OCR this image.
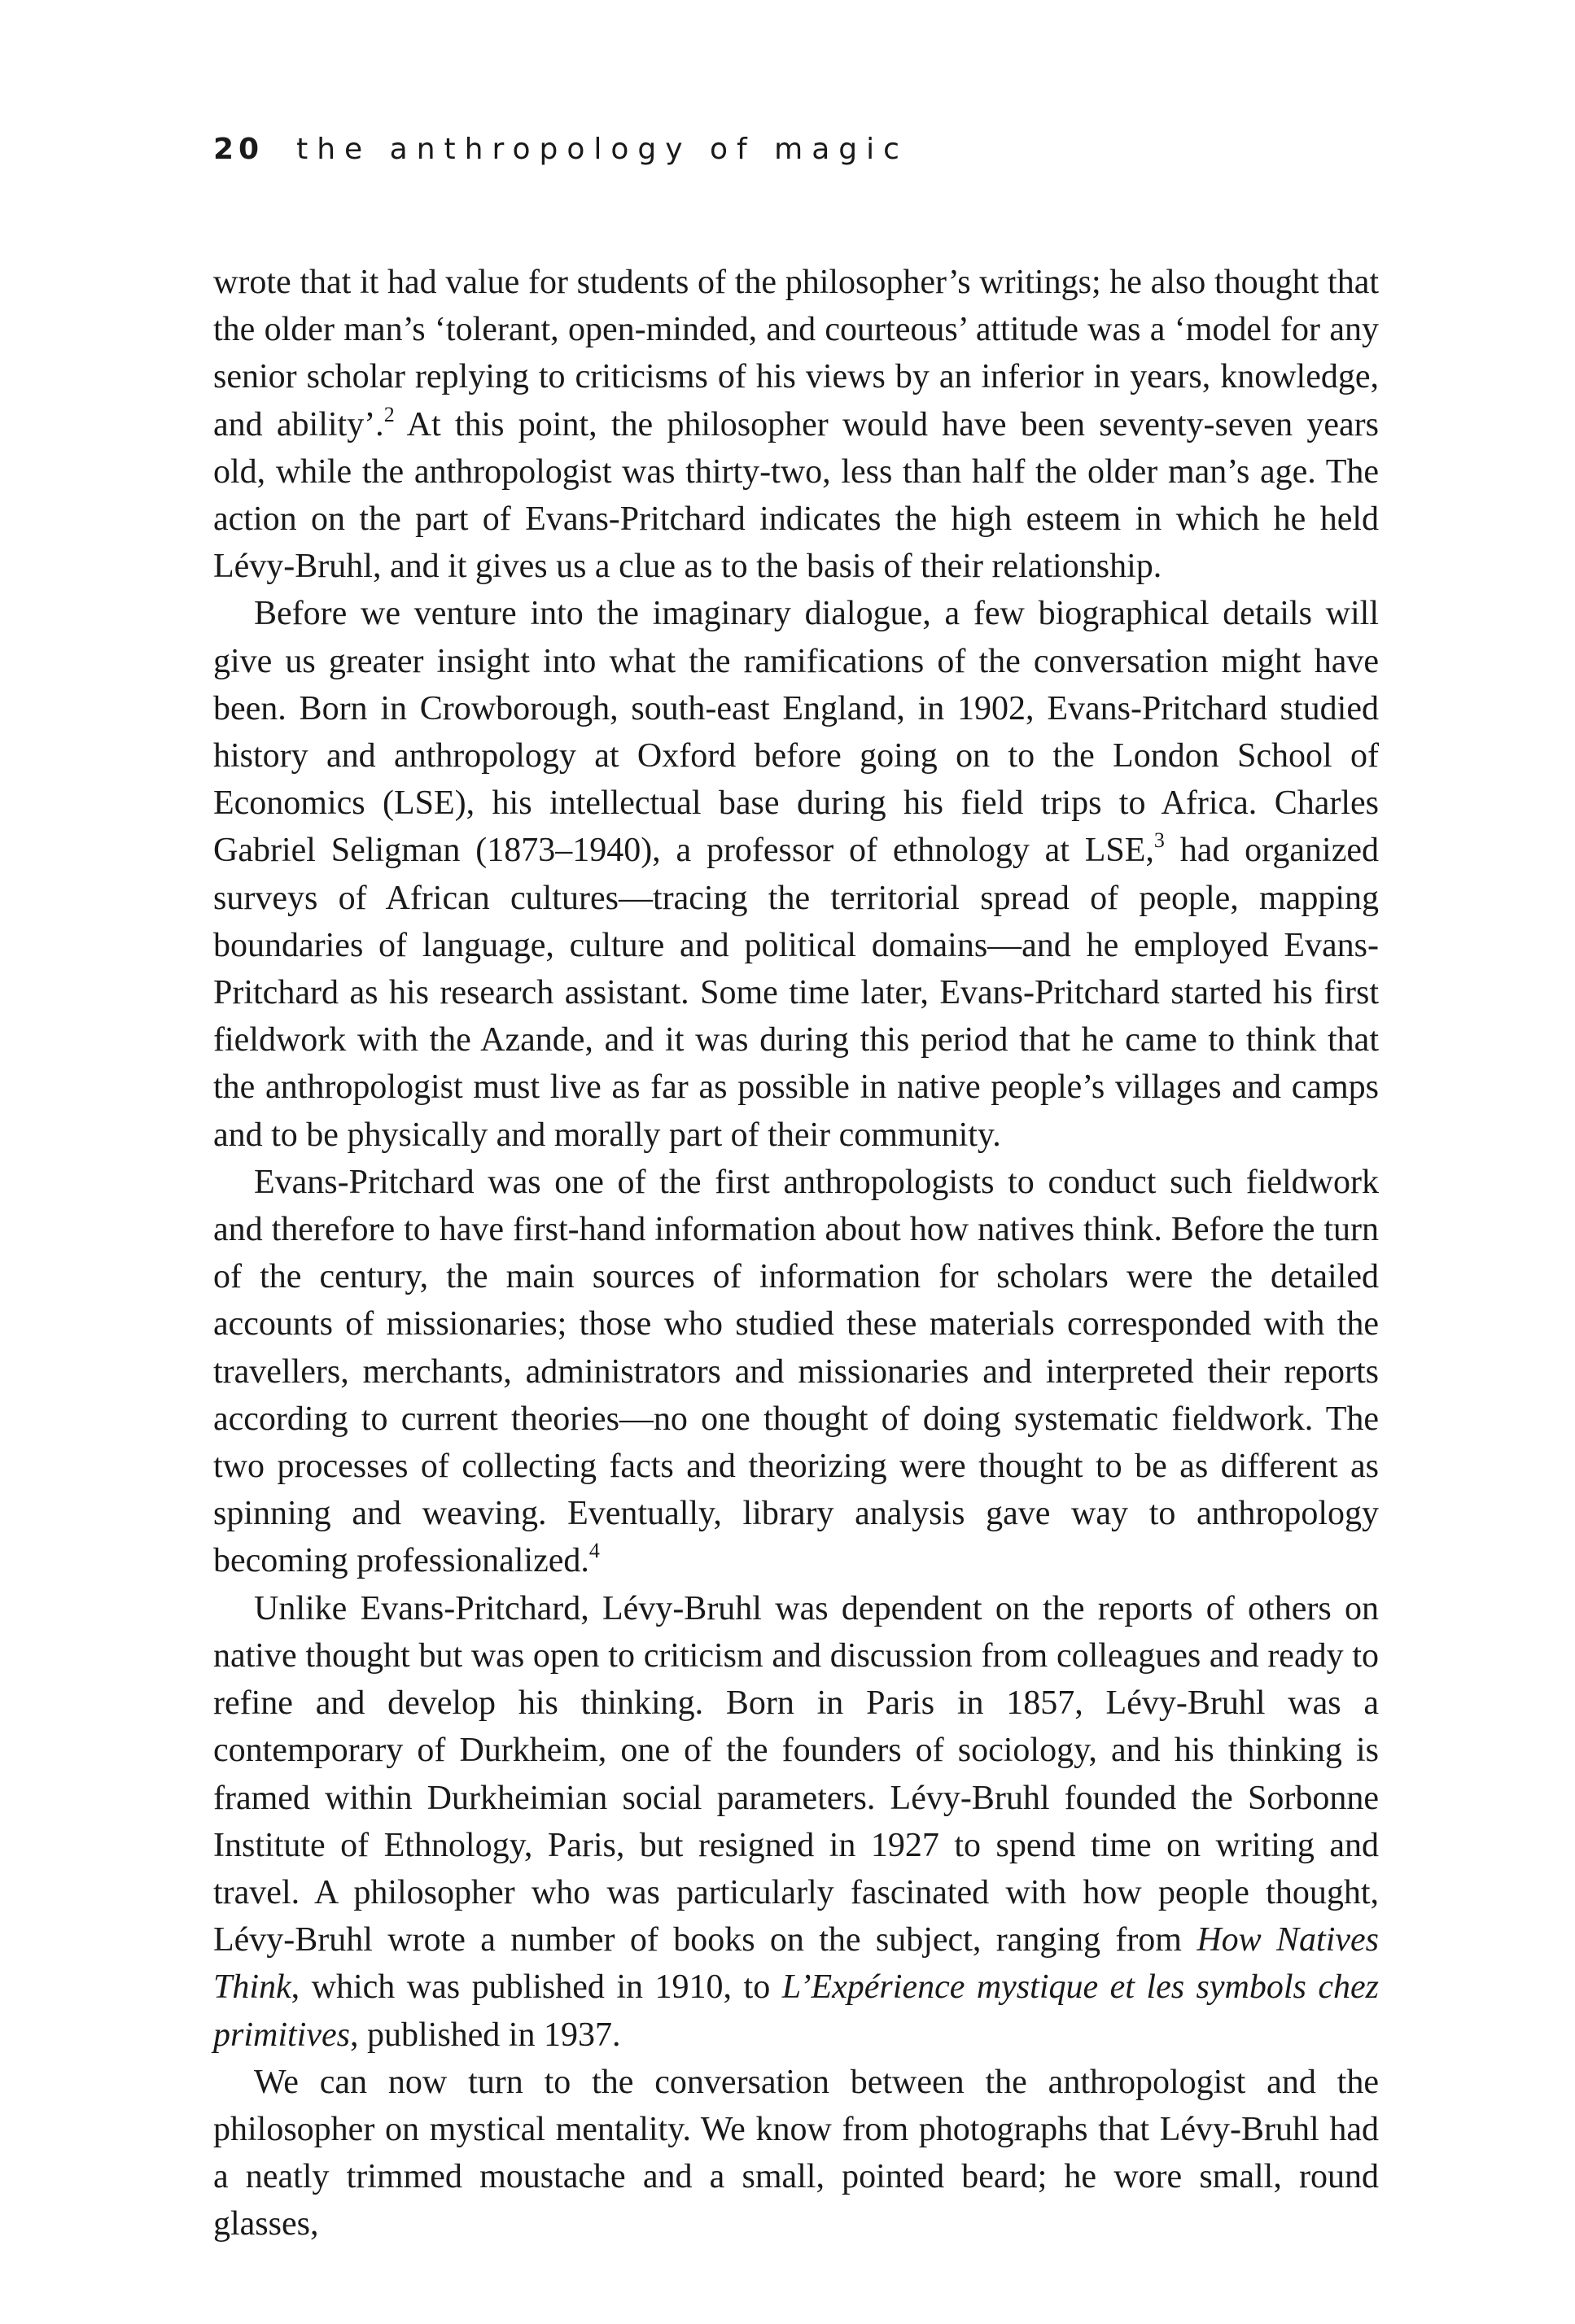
20 the anthropology of magic

wrote that it had value for students of the philosopher’s writings; he also thought that the older man’s ‘tolerant, open-minded, and courteous’ attitude was a ‘model for any senior scholar replying to criticisms of his views by an inferior in years, knowledge, and ability’.$^2$ At this point, the philosopher would have been seventy-seven years old, while the anthropologist was thirty-two, less than half the older man’s age. The action on the part of Evans-Pritchard indicates the high esteem in which he held Lévy-Bruhl, and it gives us a clue as to the basis of their relationship.

Before we venture into the imaginary dialogue, a few biographical details will give us greater insight into what the ramifications of the conversation might have been. Born in Crowborough, south-east England, in 1902, Evans-Pritchard studied history and anthropology at Oxford before going on to the London School of Economics (LSE), his intellectual base during his field trips to Africa. Charles Gabriel Seligman (1873–1940), a professor of ethnology at LSE,$^3$ had organized surveys of African cultures—tracing the territorial spread of people, mapping boundaries of language, culture and political domains—and he employed Evans-Pritchard as his research assistant. Some time later, Evans-Pritchard started his first fieldwork with the Azande, and it was during this period that he came to think that the anthropologist must live as far as possible in native people’s villages and camps and to be physically and morally part of their community.

Evans-Pritchard was one of the first anthropologists to conduct such fieldwork and therefore to have first-hand information about how natives think. Before the turn of the century, the main sources of information for scholars were the detailed accounts of missionaries; those who studied these materials corresponded with the travellers, merchants, administrators and missionaries and interpreted their reports according to current theories—no one thought of doing systematic fieldwork. The two processes of collecting facts and theorizing were thought to be as different as spinning and weaving. Eventually, library analysis gave way to anthropology becoming professionalized.$^4$

Unlike Evans-Pritchard, Lévy-Bruhl was dependent on the reports of others on native thought but was open to criticism and discussion from colleagues and ready to refine and develop his thinking. Born in Paris in 1857, Lévy-Bruhl was a contemporary of Durkheim, one of the founders of sociology, and his thinking is framed within Durkheimian social parameters. Lévy-Bruhl founded the Sorbonne Institute of Ethnology, Paris, but resigned in 1927 to spend time on writing and travel. A philosopher who was particularly fascinated with how people thought, Lévy-Bruhl wrote a number of books on the subject, ranging from How Natives Think, which was published in 1910, to L’Expérience mystique et les symbols chez primitives, published in 1937.

We can now turn to the conversation between the anthropologist and the philosopher on mystical mentality. We know from photographs that Lévy-Bruhl had a neatly trimmed moustache and a small, pointed beard; he wore small, round glasses,
